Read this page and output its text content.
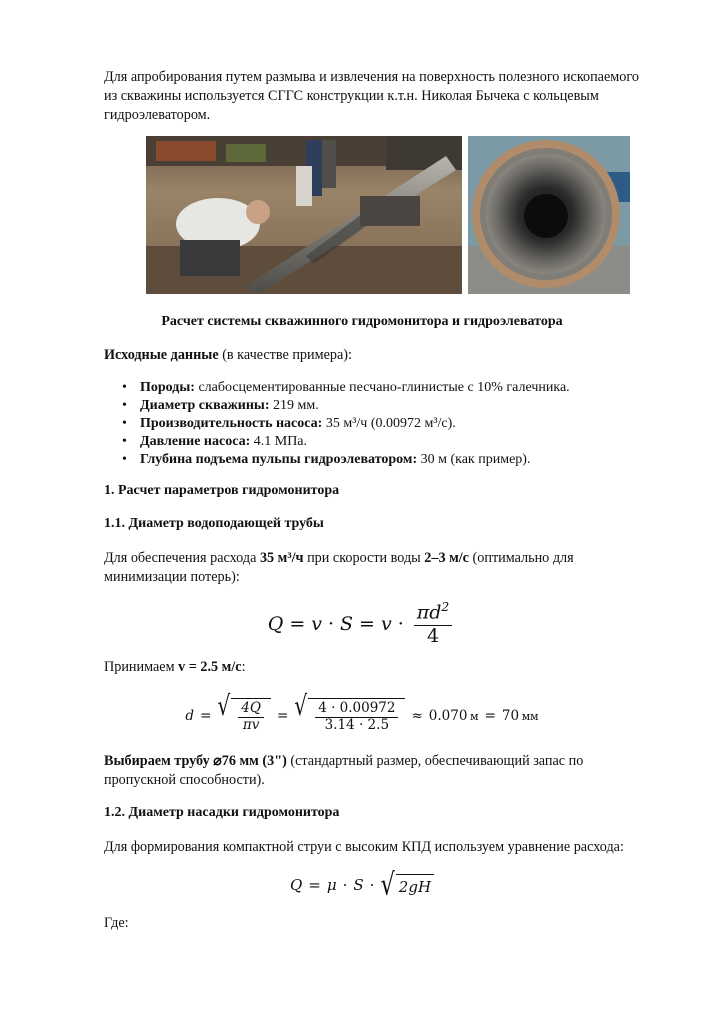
Для апробирования путем размыва и извлечения на поверхность полезного ископаемого из скважины используется СГГС конструкции к.т.н. Николая Бычека с кольцевым гидроэлеватором.

Расчет системы скважинного гидромонитора и гидроэлеватора

Исходные данные (в качестве примера):

• Породы: слабосцементированные песчано-глинистые с 10% галечника.
• Диаметр скважины: 219 мм.
• Производительность насоса: 35 м³/ч (0.00972 м³/с).
• Давление насоса: 4.1 МПа.
• Глубина подъема пульпы гидроэлеватором: 30 м (как пример).
1. Расчет параметров гидромонитора
1.1. Диаметр водоподающей трубы

Для обеспечения расхода 35 м³/ч при скорости воды 2–3 м/с (оптимально для минимизации потерь):

$Q = v \cdot S = v \cdot \frac{\pi d^2}{4}$

Принимаем v = 2.5 м/с:

d = √ $\frac{4Q}{\pi v}$ = √ $\frac{4 \cdot 0.00972}{3.14 \cdot 2.5} \approx 0.070$
  м = 70
  мм

Выбираем трубу ⌀76 мм (3") (стандартный размер, обеспечивающий запас по пропускной способности).

1.2. Диаметр насадки гидромонитора

Для формирования компактной струи с высоким КПД используем уравнение расхода:

Q = μ · S · √ 2gH

Где:
